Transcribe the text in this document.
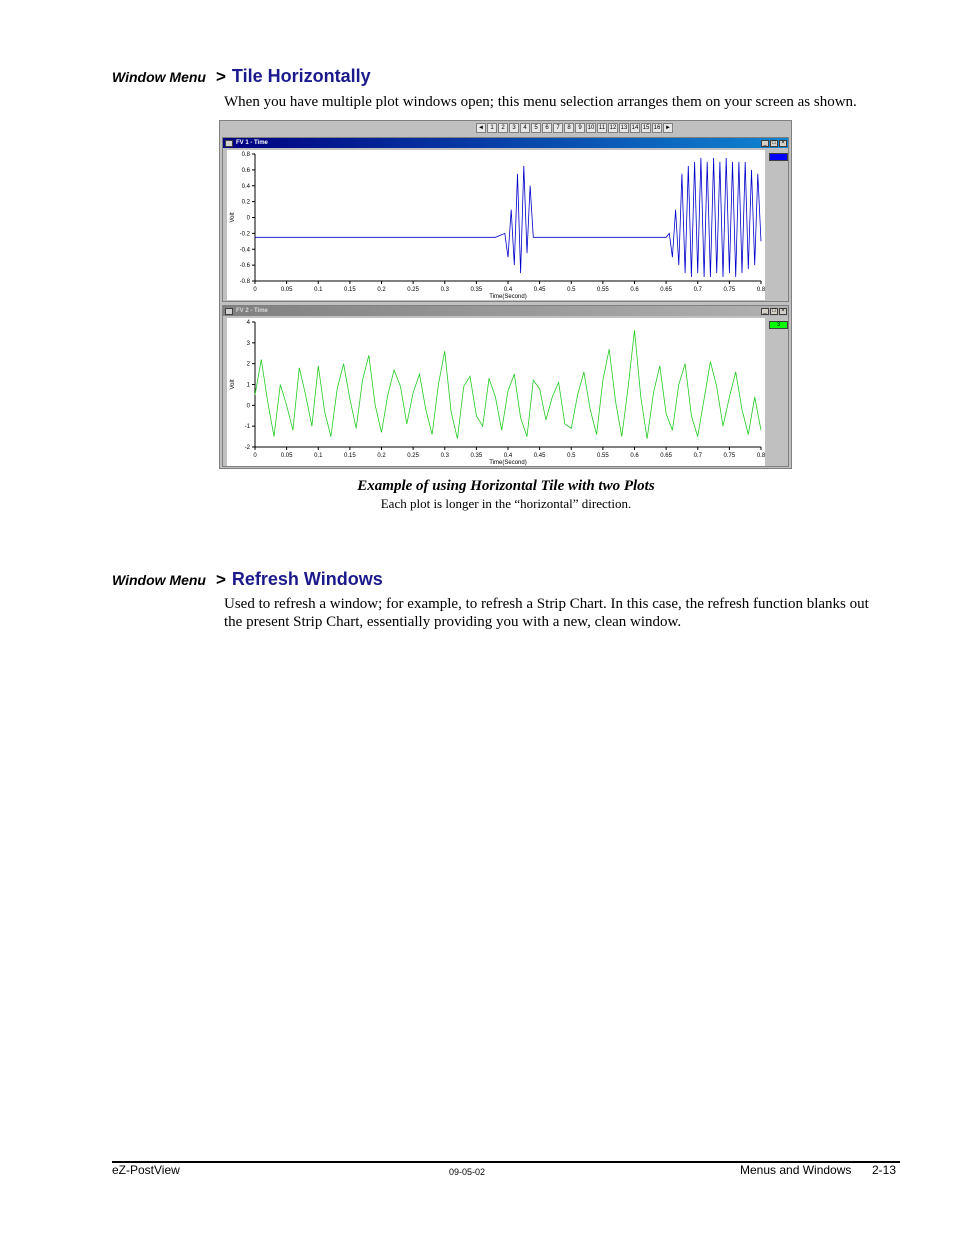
Window Menu > Tile Horizontally
When you have multiple plot windows open; this menu selection arranges them on your screen as shown.
◄	1	2	3	4	5	6	7	8	9 10 11 12 13 14 15 16 ►
FV 1 - Time	_ □ ×
0	0.05	0.1	0.15	0.2	0.25	0.3	0.35	0.4	0.45	0.5	0.55	0.6	0.65	0.7	0.75	0.8
0.8
0.6
0.4
0.2
0
-0.2
-0.4
-0.6
-0.8
Time(Second)
Volt
FV 2 - Time	_ □ ×
0	0.05	0.1	0.15	0.2	0.25	0.3	0.35	0.4	0.45	0.5	0.55	0.6	0.65	0.7	0.75	0.8
4
3
2
1
0
-1
-2
Time(Second)
Volt
3
Example of using Horizontal Tile with two Plots
Each plot is longer in the “horizontal” direction.
Window Menu > Refresh Windows
Used to refresh a window; for example, to refresh a Strip Chart. In this case, the refresh function blanks out the present Strip Chart, essentially providing you with a new, clean window.
eZ-PostView	09-05-02	Menus and Windows 2-13
